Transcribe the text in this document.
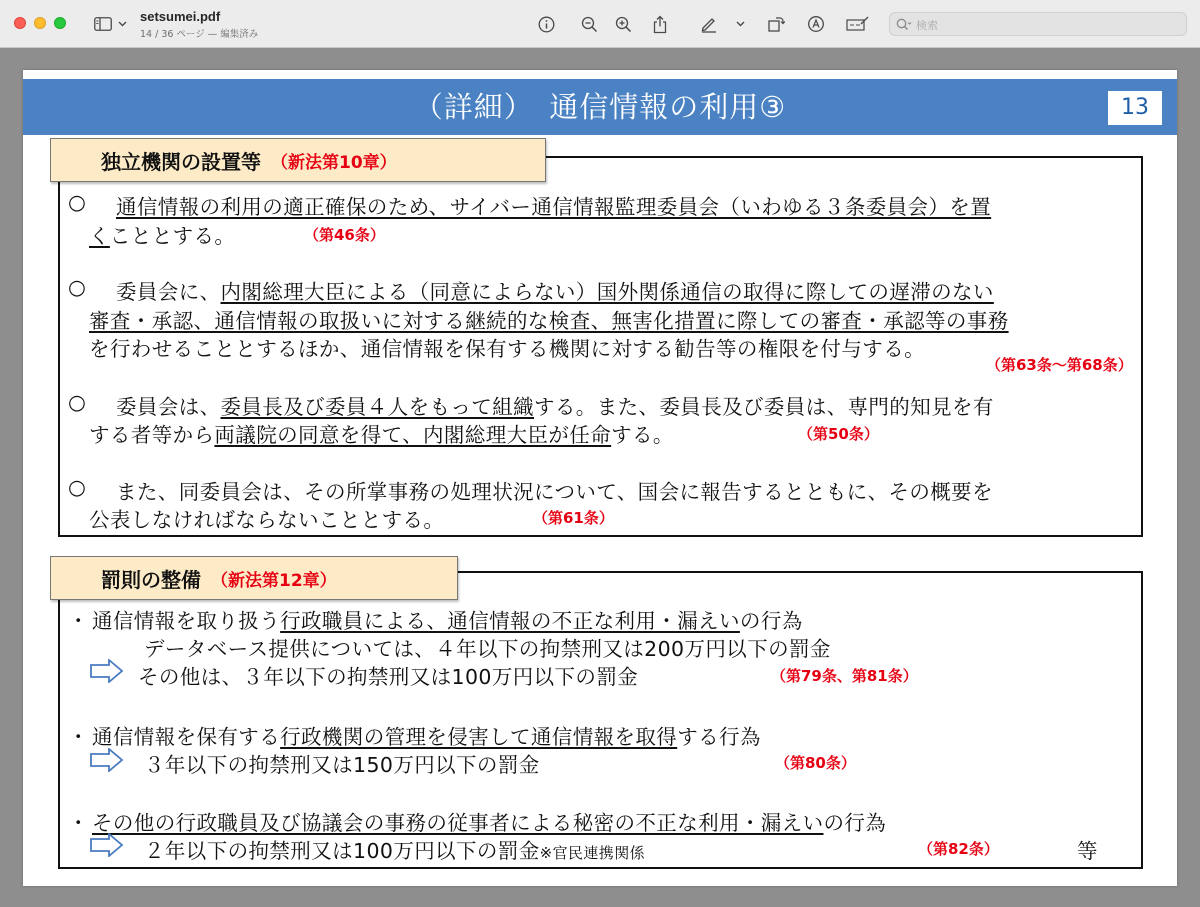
setsumei.pdf
14 / 36 ページ — 編集済み
検索
（詳細）　通信情報の利用③	13
独立機関の設置等 （新法第10章）
○ 通信情報の利用の適正確保のため、サイバー通信情報監理委員会（いわゆる３条委員会）を置
くこととする。	（第46条）
○ 委員会に、内閣総理大臣による（同意によらない）国外関係通信の取得に際しての遅滞のない
審査・承認、通信情報の取扱いに対する継続的な検査、無害化措置に際しての審査・承認等の事務
を行わせることとするほか、通信情報を保有する機関に対する勧告等の権限を付与する。
（第63条～第68条）
○ 委員会は、委員長及び委員４人をもって組織する。また、委員長及び委員は、専門的知見を有
する者等から両議院の同意を得て、内閣総理大臣が任命する。	（第50条）
○ また、同委員会は、その所掌事務の処理状況について、国会に報告するとともに、その概要を
公表しなければならないこととする。	（第61条）
罰則の整備 （新法第12章）
・ 通信情報を取り扱う行政職員による、通信情報の不正な利用・漏えいの行為
データベース提供については、４年以下の拘禁刑又は200万円以下の罰金
その他は、３年以下の拘禁刑又は100万円以下の罰金	（第79条、第81条）
・ 通信情報を保有する行政機関の管理を侵害して通信情報を取得する行為
３年以下の拘禁刑又は150万円以下の罰金	（第80条）
・ その他の行政職員及び協議会の事務の従事者による秘密の不正な利用・漏えいの行為
２年以下の拘禁刑又は100万円以下の罰金※官民連携関係	（第82条）	等
